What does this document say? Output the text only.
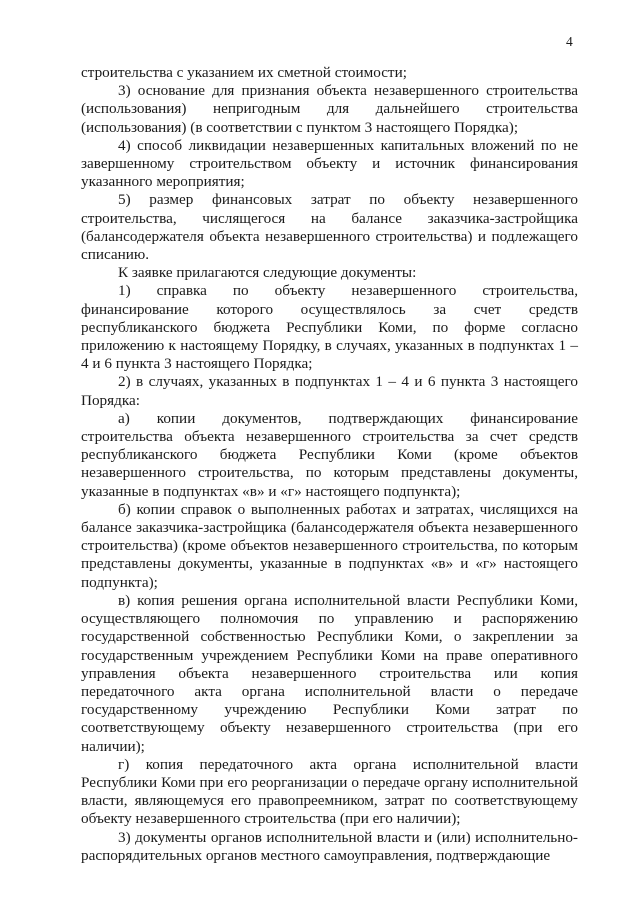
4

строительства с указанием их сметной стоимости;

3) основание для признания объекта незавершенного строительства (использования) непригодным для дальнейшего строительства (использования) (в соответствии с пунктом 3 настоящего Порядка);

4) способ ликвидации незавершенных капитальных вложений по не завершенному строительством объекту и источник финансирования указанного мероприятия;

5) размер финансовых затрат по объекту незавершенного строительства, числящегося на балансе заказчика-застройщика (балансодержателя объекта незавершенного строительства) и подлежащего списанию.

К заявке прилагаются следующие документы:

1) справка по объекту незавершенного строительства, финансирование которого осуществлялось за счет средств республиканского бюджета Республики Коми, по форме согласно приложению к настоящему Порядку, в случаях, указанных в подпунктах 1 – 4 и 6 пункта 3 настоящего Порядка;

2) в случаях, указанных в подпунктах 1 – 4 и 6 пункта 3 настоящего Порядка:

а) копии документов, подтверждающих финансирование строительства объекта незавершенного строительства за счет средств республиканского бюджета Республики Коми (кроме объектов незавершенного строительства, по которым представлены документы, указанные в подпунктах «в» и «г» настоящего подпункта);

б) копии справок о выполненных работах и затратах, числящихся на балансе заказчика-застройщика (балансодержателя объекта незавершенного строительства) (кроме объектов незавершенного строительства, по которым представлены документы, указанные в подпунктах «в» и «г» настоящего подпункта);

в) копия решения органа исполнительной власти Республики Коми, осуществляющего полномочия по управлению и распоряжению государственной собственностью Республики Коми, о закреплении за государственным учреждением Республики Коми на праве оперативного управления объекта незавершенного строительства или копия передаточного акта органа исполнительной власти о передаче государственному учреждению Республики Коми затрат по соответствующему объекту незавершенного строительства (при его наличии);

г) копия передаточного акта органа исполнительной власти Республики Коми при его реорганизации о передаче органу исполнительной власти, являющемуся его правопреемником, затрат по соответствующему объекту незавершенного строительства (при его наличии);

3) документы органов исполнительной власти и (или) исполнительно-распорядительных органов местного самоуправления, подтверждающие
